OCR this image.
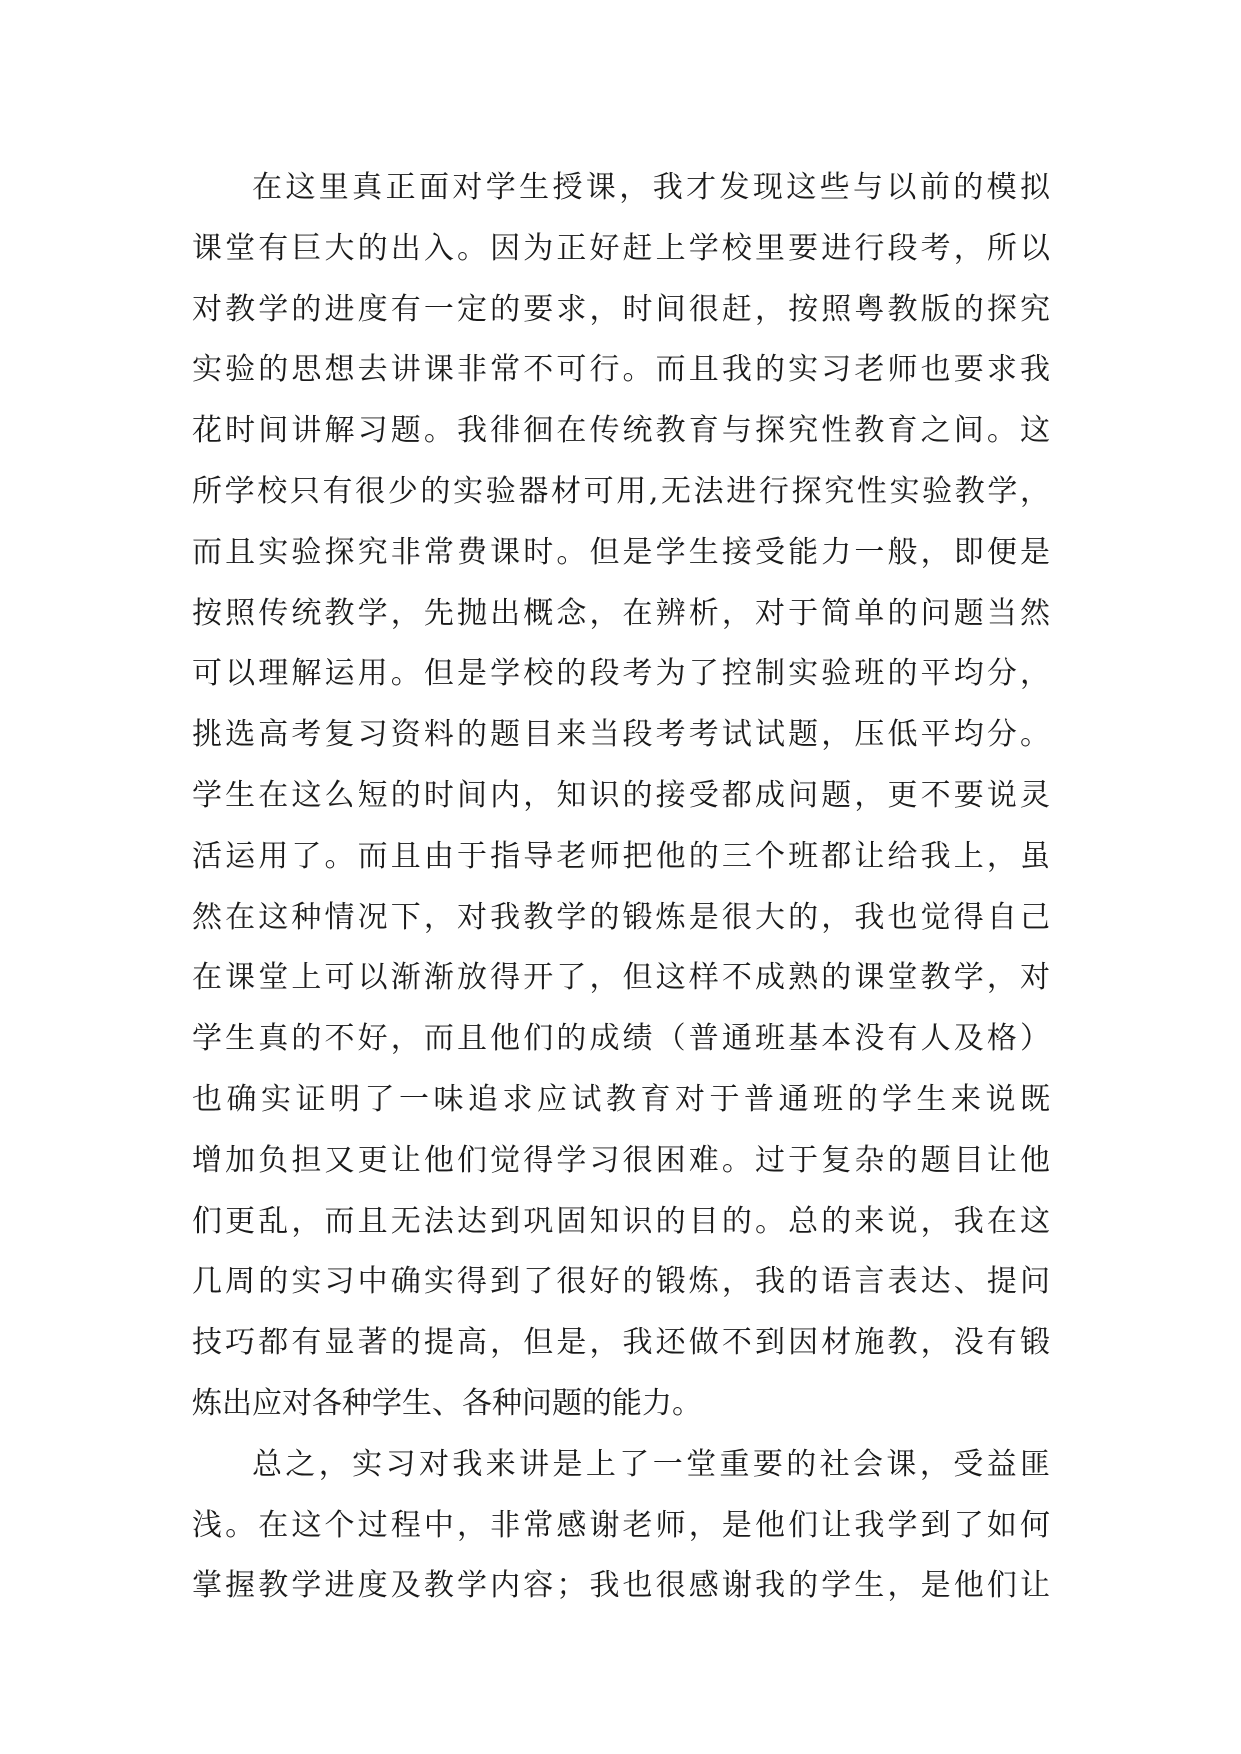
在这里真正面对学生授课，我才发现这些与以前的模拟
课堂有巨大的出入。因为正好赶上学校里要进行段考，所以
对教学的进度有一定的要求，时间很赶，按照粤教版的探究
实验的思想去讲课非常不可行。而且我的实习老师也要求我
花时间讲解习题。我徘徊在传统教育与探究性教育之间。这
所学校只有很少的实验器材可用,无法进行探究性实验教学，
而且实验探究非常费课时。但是学生接受能力一般，即便是
按照传统教学，先抛出概念，在辨析，对于简单的问题当然
可以理解运用。但是学校的段考为了控制实验班的平均分，
挑选高考复习资料的题目来当段考考试试题，压低平均分。
学生在这么短的时间内，知识的接受都成问题，更不要说灵
活运用了。而且由于指导老师把他的三个班都让给我上，虽
然在这种情况下，对我教学的锻炼是很大的，我也觉得自己
在课堂上可以渐渐放得开了，但这样不成熟的课堂教学，对
学生真的不好，而且他们的成绩（普通班基本没有人及格）
也确实证明了一味追求应试教育对于普通班的学生来说既
增加负担又更让他们觉得学习很困难。过于复杂的题目让他
们更乱，而且无法达到巩固知识的目的。总的来说，我在这
几周的实习中确实得到了很好的锻炼，我的语言表达、提问
技巧都有显著的提高，但是，我还做不到因材施教，没有锻
炼出应对各种学生、各种问题的能力。
总之，实习对我来讲是上了一堂重要的社会课，受益匪
浅。在这个过程中，非常感谢老师，是他们让我学到了如何
掌握教学进度及教学内容；我也很感谢我的学生，是他们让
